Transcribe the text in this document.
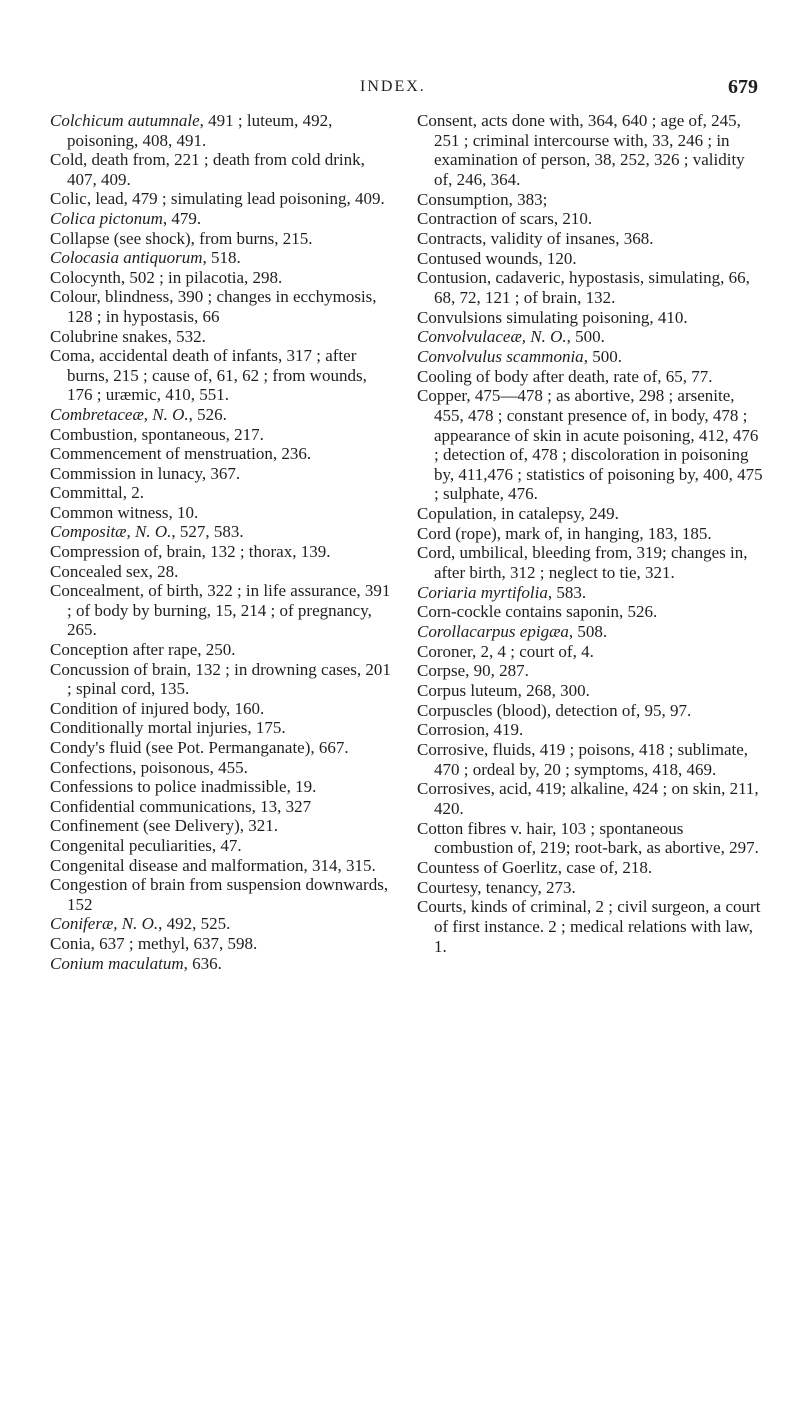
INDEX.	679

Colchicum autumnale, 491 ; luteum, 492, poisoning, 408, 491.

Cold, death from, 221 ; death from cold drink, 407, 409.

Colic, lead, 479 ; simulating lead poisoning, 409.

Colica pictonum, 479.

Collapse (see shock), from burns, 215.

Colocasia antiquorum, 518.

Colocynth, 502 ; in pilacotia, 298.

Colour, blindness, 390 ; changes in ecchymosis, 128 ; in hypostasis, 66

Colubrine snakes, 532.

Coma, accidental death of infants, 317 ; after burns, 215 ; cause of, 61, 62 ; from wounds, 176 ; uræmic, 410, 551.

Combretaceæ, N. O., 526.

Combustion, spontaneous, 217.

Commencement of menstruation, 236.

Commission in lunacy, 367.

Committal, 2.

Common witness, 10.

Compositæ, N. O., 527, 583.

Compression of, brain, 132 ; thorax, 139.

Concealed sex, 28.

Concealment, of birth, 322 ; in life assurance, 391 ; of body by burning, 15, 214 ; of pregnancy, 265.

Conception after rape, 250.

Concussion of brain, 132 ; in drowning cases, 201 ; spinal cord, 135.

Condition of injured body, 160.

Conditionally mortal injuries, 175.

Condy's fluid (see Pot. Permanganate), 667.

Confections, poisonous, 455.

Confessions to police inadmissible, 19.

Confidential communications, 13, 327

Confinement (see Delivery), 321.

Congenital peculiarities, 47.

Congenital disease and malformation, 314, 315.

Congestion of brain from suspension downwards, 152

Coniferæ, N. O., 492, 525.

Conia, 637 ; methyl, 637, 598.

Conium maculatum, 636.

Consent, acts done with, 364, 640 ; age of, 245, 251 ; criminal intercourse with, 33, 246 ; in examination of person, 38, 252, 326 ; validity of, 246, 364.

Consumption, 383;

Contraction of scars, 210.

Contracts, validity of insanes, 368.

Contused wounds, 120.

Contusion, cadaveric, hypostasis, simulating, 66, 68, 72, 121 ; of brain, 132.

Convulsions simulating poisoning, 410.

Convolvulaceæ, N. O., 500.

Convolvulus scammonia, 500.

Cooling of body after death, rate of, 65, 77.

Copper, 475—478 ; as abortive, 298 ; arsenite, 455, 478 ; constant presence of, in body, 478 ; appearance of skin in acute poisoning, 412, 476 ; detection of, 478 ; discoloration in poisoning by, 411,476 ; statistics of poisoning by, 400, 475 ; sulphate, 476.

Copulation, in catalepsy, 249.

Cord (rope), mark of, in hanging, 183, 185.

Cord, umbilical, bleeding from, 319; changes in, after birth, 312 ; neglect to tie, 321.

Coriaria myrtifolia, 583.

Corn-cockle contains saponin, 526.

Corollacarpus epigæa, 508.

Coroner, 2, 4 ; court of, 4.

Corpse, 90, 287.

Corpus luteum, 268, 300.

Corpuscles (blood), detection of, 95, 97.

Corrosion, 419.

Corrosive, fluids, 419 ; poisons, 418 ; sublimate, 470 ; ordeal by, 20 ; symptoms, 418, 469.

Corrosives, acid, 419; alkaline, 424 ; on skin, 211, 420.

Cotton fibres v. hair, 103 ; spontaneous combustion of, 219; root-bark, as abortive, 297.

Countess of Goerlitz, case of, 218.

Courtesy, tenancy, 273.

Courts, kinds of criminal, 2 ; civil surgeon, a court of first instance. 2 ; medical relations with law, 1.
